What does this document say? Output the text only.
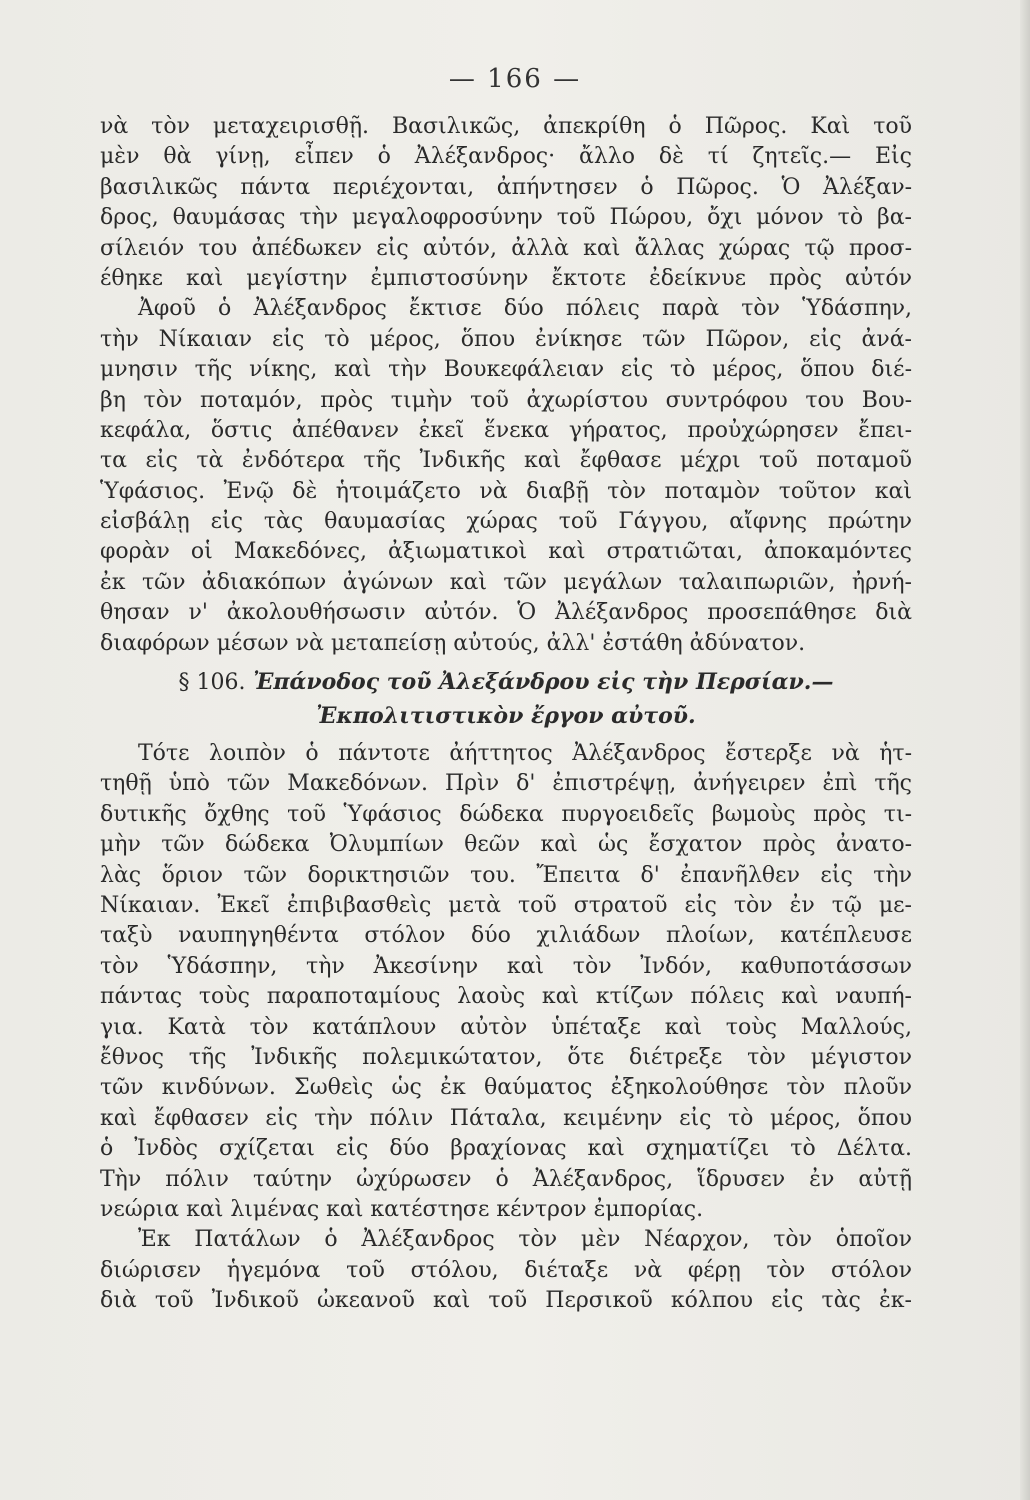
— 166 —
νὰ τὸν μεταχειρισθῇ. Βασιλικῶς, ἀπεκρίθη ὁ Πῶρος. Καὶ τοῦ
μὲν θὰ γίνῃ, εἶπεν ὁ Ἀλέξανδρος· ἄλλο δὲ τί ζητεῖς.— Εἰς
βασιλικῶς πάντα περιέχονται, ἀπήντησεν ὁ Πῶρος. Ὁ Ἀλέξαν-
δρος, θαυμάσας τὴν μεγαλοφροσύνην τοῦ Πώρου, ὄχι μόνον τὸ βα-
σίλειόν του ἀπέδωκεν εἰς αὐτόν, ἀλλὰ καὶ ἄλλας χώρας τῷ προσ-
έθηκε καὶ μεγίστην ἐμπιστοσύνην ἔκτοτε ἐδείκνυε πρὸς αὐτόν
Ἀφοῦ ὁ Ἀλέξανδρος ἔκτισε δύο πόλεις παρὰ τὸν Ὑδάσπην,
τὴν Νίκαιαν εἰς τὸ μέρος, ὅπου ἐνίκησε τῶν Πῶρον, εἰς ἀνά-
μνησιν τῆς νίκης, καὶ τὴν Βουκεφάλειαν εἰς τὸ μέρος, ὅπου διέ-
βη τὸν ποταμόν, πρὸς τιμὴν τοῦ ἀχωρίστου συντρόφου του Βου-
κεφάλα, ὅστις ἀπέθανεν ἐκεῖ ἕνεκα γήρατος, προὐχώρησεν ἔπει-
τα εἰς τὰ ἐνδότερα τῆς Ἰνδικῆς καὶ ἔφθασε μέχρι τοῦ ποταμοῦ
Ὑφάσιος. Ἐνῷ δὲ ἡτοιμάζετο νὰ διαβῇ τὸν ποταμὸν τοῦτον καὶ
εἰσβάλῃ εἰς τὰς θαυμασίας χώρας τοῦ Γάγγου, αἴφνης πρώτην
φορὰν οἱ Μακεδόνες, ἀξιωματικοὶ καὶ στρατιῶται, ἀποκαμόντες
ἐκ τῶν ἀδιακόπων ἀγώνων καὶ τῶν μεγάλων ταλαιπωριῶν, ἠρνή-
θησαν ν' ἀκολουθήσωσιν αὐτόν. Ὁ Ἀλέξανδρος προσεπάθησε διὰ
διαφόρων μέσων νὰ μεταπείσῃ αὐτούς, ἀλλ' ἐστάθη ἀδύνατον.
§ 106. Ἐπάνοδος τοῦ Ἀλεξάνδρου εἰς τὴν Περσίαν.—
Ἐκπολιτιστικὸν ἔργον αὐτοῦ.
Τότε λοιπὸν ὁ πάντοτε ἀήττητος Ἀλέξανδρος ἔστερξε νὰ ἡτ-
τηθῇ ὑπὸ τῶν Μακεδόνων. Πρὶν δ' ἐπιστρέψῃ, ἀνήγειρεν ἐπὶ τῆς
δυτικῆς ὄχθης τοῦ Ὑφάσιος δώδεκα πυργοειδεῖς βωμοὺς πρὸς τι-
μὴν τῶν δώδεκα Ὀλυμπίων θεῶν καὶ ὡς ἔσχατον πρὸς ἀνατο-
λὰς ὅριον τῶν δορικτησιῶν του. Ἔπειτα δ' ἐπανῆλθεν εἰς τὴν
Νίκαιαν. Ἐκεῖ ἐπιβιβασθεὶς μετὰ τοῦ στρατοῦ εἰς τὸν ἐν τῷ με-
ταξὺ ναυπηγηθέντα στόλον δύο χιλιάδων πλοίων, κατέπλευσε
τὸν Ὑδάσπην, τὴν Ἀκεσίνην καὶ τὸν Ἰνδόν, καθυποτάσσων
πάντας τοὺς παραποταμίους λαοὺς καὶ κτίζων πόλεις καὶ ναυπή-
για. Κατὰ τὸν κατάπλουν αὐτὸν ὑπέταξε καὶ τοὺς Μαλλούς,
ἔθνος τῆς Ἰνδικῆς πολεμικώτατον, ὅτε διέτρεξε τὸν μέγιστον
τῶν κινδύνων. Σωθεὶς ὡς ἐκ θαύματος ἐξηκολούθησε τὸν πλοῦν
καὶ ἔφθασεν εἰς τὴν πόλιν Πάταλα, κειμένην εἰς τὸ μέρος, ὅπου
ὁ Ἰνδὸς σχίζεται εἰς δύο βραχίονας καὶ σχηματίζει τὸ Δέλτα.
Τὴν πόλιν ταύτην ὠχύρωσεν ὁ Ἀλέξανδρος, ἵδρυσεν ἐν αὐτῇ
νεώρια καὶ λιμένας καὶ κατέστησε κέντρον ἐμπορίας.
Ἐκ Πατάλων ὁ Ἀλέξανδρος τὸν μὲν Νέαρχον, τὸν ὁποῖον
διώρισεν ἡγεμόνα τοῦ στόλου, διέταξε νὰ φέρῃ τὸν στόλον
διὰ τοῦ Ἰνδικοῦ ὠκεανοῦ καὶ τοῦ Περσικοῦ κόλπου εἰς τὰς ἐκ-
